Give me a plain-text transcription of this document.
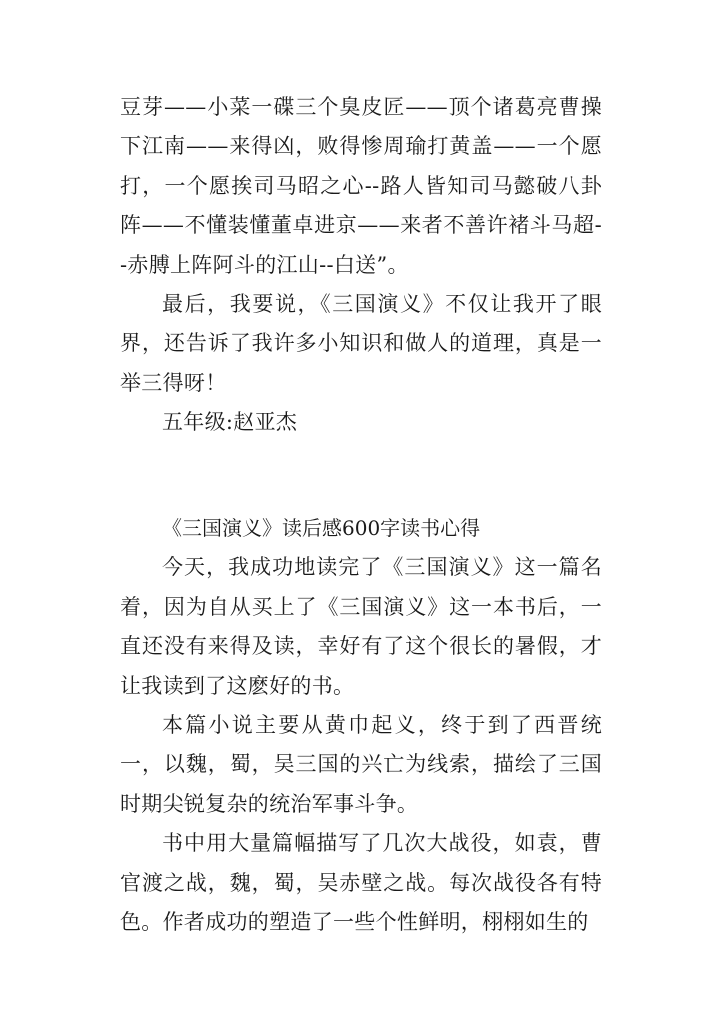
豆芽——小菜一碟三个臭皮匠——顶个诸葛亮曹操下江南——来得凶，败得惨周瑜打黄盖——一个愿打，一个愿挨司马昭之心--路人皆知司马懿破八卦阵——不懂装懂董卓进京——来者不善许褚斗马超--赤膊上阵阿斗的江山--白送”。

最后，我要说，《三国演义》不仅让我开了眼界，还告诉了我许多小知识和做人的道理，真是一举三得呀！

五年级:赵亚杰

《三国演义》读后感600字读书心得

今天，我成功地读完了《三国演义》这一篇名着，因为自从买上了《三国演义》这一本书后，一直还没有来得及读，幸好有了这个很长的暑假，才让我读到了这麽好的书。

本篇小说主要从黄巾起义，终于到了西晋统一，以魏，蜀，吴三国的兴亡为线索，描绘了三国时期尖锐复杂的统治军事斗争。

书中用大量篇幅描写了几次大战役，如袁，曹官渡之战，魏，蜀，吴赤壁之战。每次战役各有特色。作者成功的塑造了一些个性鲜明，栩栩如生的
